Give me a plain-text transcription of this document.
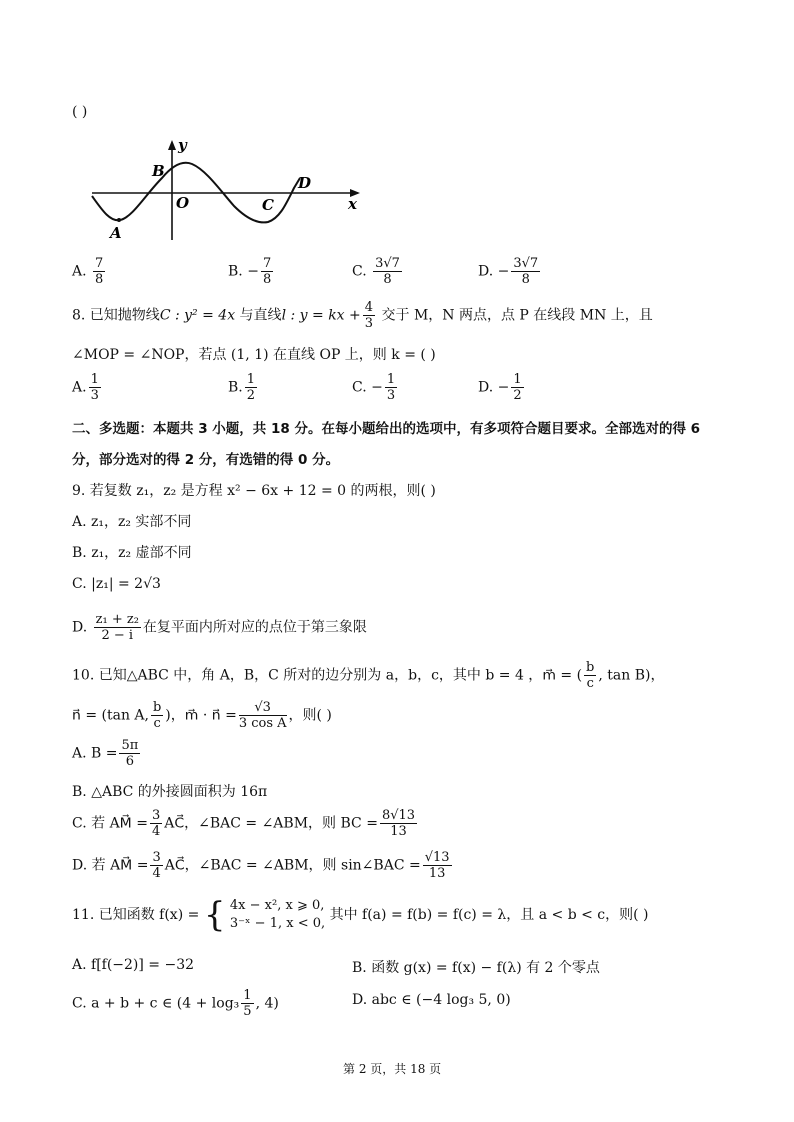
( )
y
x
B
O	C
D
A
A. $\frac{7}{8}$	B. − $\frac{7}{8}$	C. $\frac{3√7}{8}$	D. − $\frac{3√7}{8}$
8. 已知抛物线C : y² = 4x 与直线l : y = kx + $\frac{4}{3}$ 交于 M，N 两点，点 P 在线段 MN 上，且
∠MOP = ∠NOP，若点 (1, 1) 在直线 OP 上，则 k = ( )
A. $\frac{1}{3}$	B. $\frac{1}{2}$	C. − $\frac{1}{3}$	D. − $\frac{1}{2}$
二、多选题：本题共 3 小题，共 18 分。在每小题给出的选项中，有多项符合题目要求。全部选对的得 6
分，部分选对的得 2 分，有选错的得 0 分。
9. 若复数 z₁，z₂ 是方程 x² − 6x + 12 = 0 的两根，则( )
A. z₁，z₂ 实部不同
B. z₁，z₂ 虚部不同
C. |z₁| = 2√3
D. $\frac{\text{z₁ + z₂}}{2 - i}$ 在复平面内所对应的点位于第三象限
10. 已知△ABC 中，角 A，B，C 所对的边分别为 a，b，c，其中 b = 4 ，m⃗ = ( $\frac{b}{c}$ , tan B)，
n⃗ = (tan A, $\frac{b}{c}$ )，m⃗ · n⃗ = $\frac{√3}{\text{3 cos A}}$ ，则( )
A. $B = \frac{5\pi}{6}$
B. △ABC 的外接圆面积为 16π
C. 若 AM⃗ = $\frac{3}{4}$ AC⃗，∠BAC = ∠ABM，则 BC = $\frac{8√13}{13}$
D. 若 AM⃗ = $\frac{3}{4}$ AC⃗，∠BAC = ∠ABM，则 sin∠BAC = $\frac{√13}{13}$
11. 已知函数 f(x) = { 4x − x², x ⩾ 0,
3⁻ˣ − 1, x < 0,
其中 f(a) = f(b) = f(c) = λ，且 a < b < c，则( )
A. f[f(−2)] = −32	B. 函数 g(x) = f(x) − f(λ) 有 2 个零点
C. a + b + c ∈ ($4 + \log_3 \frac{1}{5}$ , 4)	D. abc ∈ (−4 log₃ 5, 0)
第 2 页，共 18 页
